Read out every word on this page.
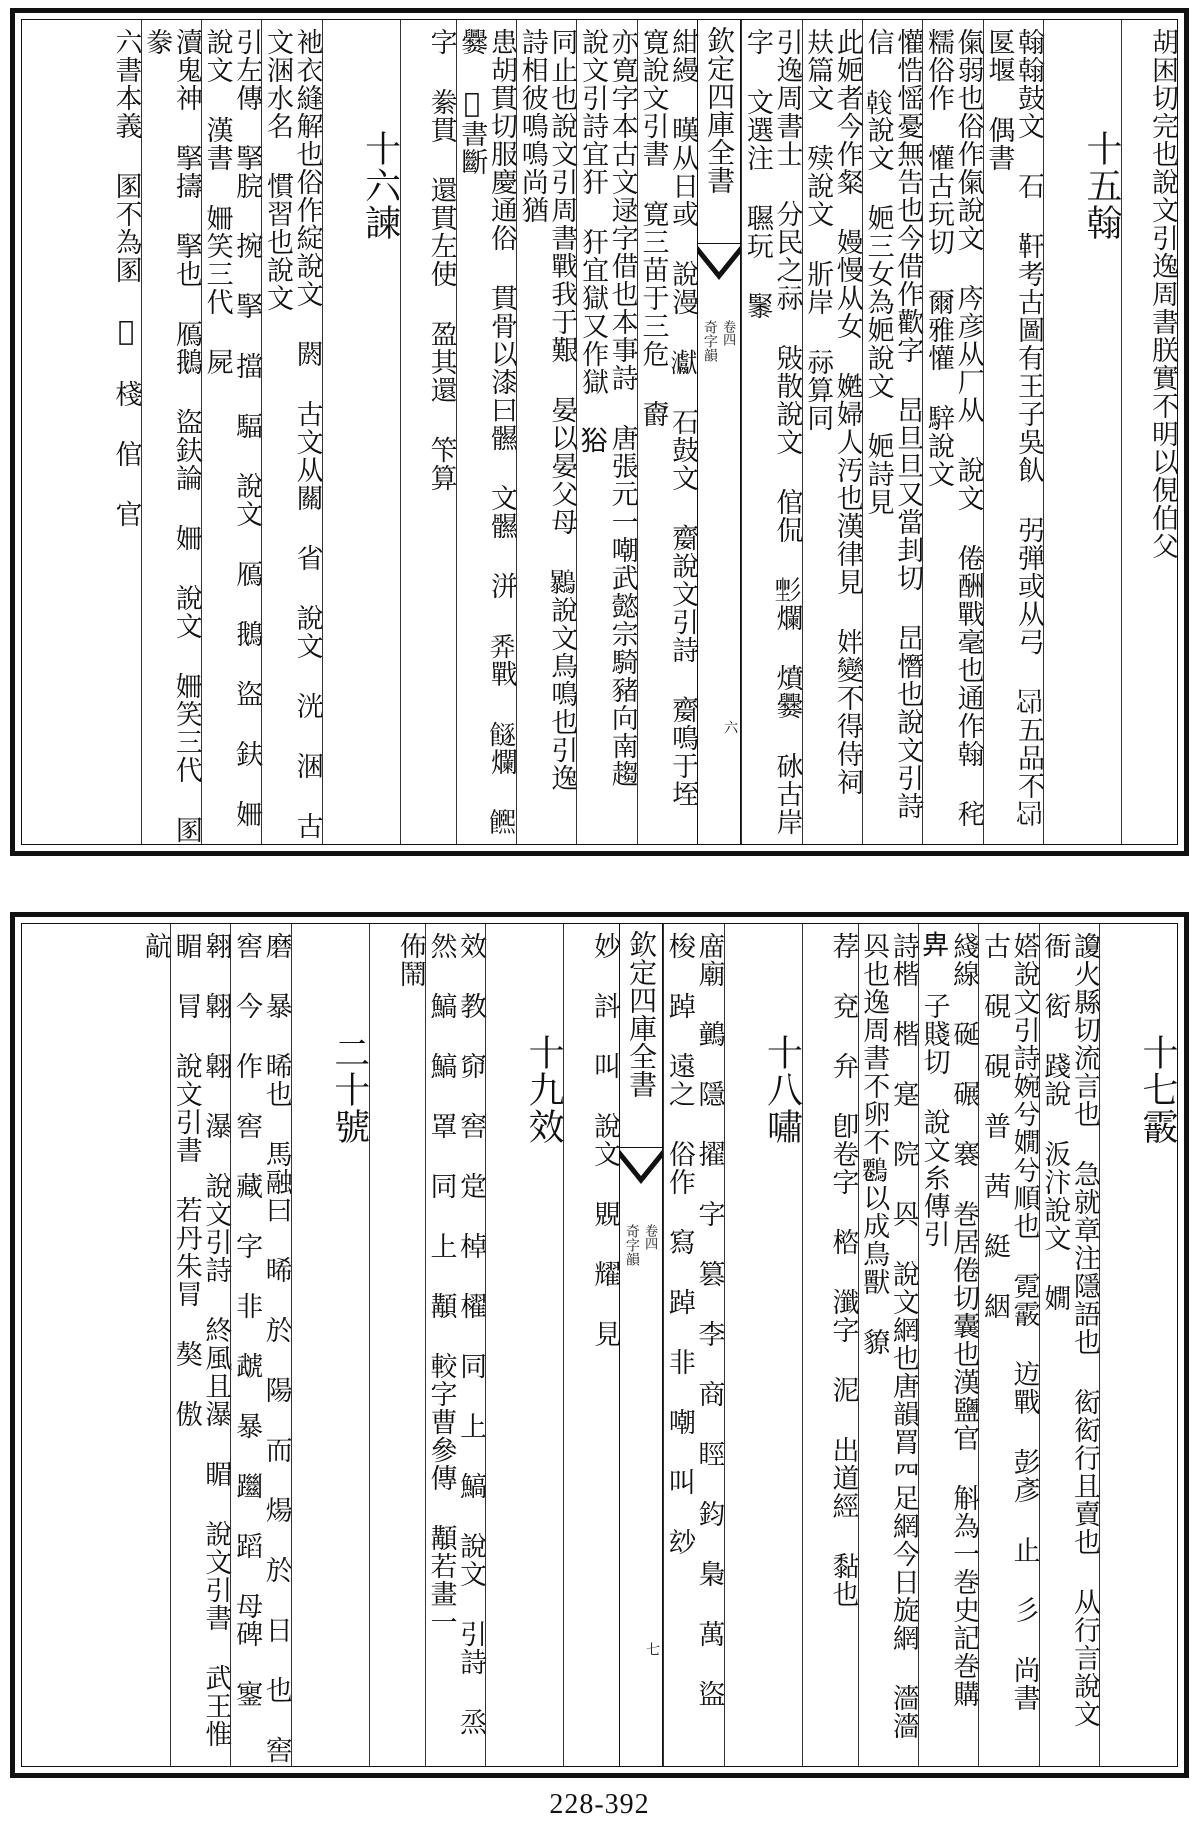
胡困切完也說文引逸周書朕實不明以俔伯父
十五翰
翰翰鼓文 石 靬考古圖有王子吳飤 弜弾或从弓 𢘖五品不𢘖 匽堰 偶書
㑶弱也俗作㑶說文 庈彦从厂从 說文 倦酬戰毫也通作翰 秺糯俗作 懽古玩切 爾雅懽 騂說文
懽悎愮憂無告也今借作歡字 旵旦旦又當刲切 旵憯也說文引詩信 𢧢說文 㛂三女為㛂說文 㛂詩見
此㛂者今作粲 嫚慢从女 嬎婦人汚也漢律見 姅變不得侍祠 㚘篇文 㱩說文 斨岸 祘算同
引逸周書士 分民之祘 㪒散說文 倌侃 𢒡爛 燌爨 砅古岸字 文選注 䏉玩 䵖
欽定四庫全書
奇字韻 卷四
六
紺縵 暵从日或 說漫 𤅊 石鼓文 䶒說文引詩 䶒鳴于垤 寛說文引書 寛三苗于三危 𣝣
亦寛字本古文逯字借也本事詩 唐張元一嘲武懿宗騎豬向南趨 說文引詩宜犴 犴宜獄又作獄 𤞞
同止也說文引周書戰我于艱 晏以晏父母 𪇰說文鳥鳴也引逸 詩相彼鳴鳴尚猶
患胡貫切服慶通俗 貫骨以漆曰䯥 文䯥 洴 𢍏戰 𩞈爛 𩟄爨 𥥮書斷
字 絭貫 還貫左使 盈其還 笇算
十六諫
衪衣縫解也俗作綻說文 閼 古文从關 省 說文 洸 涃 古文涃水名 慣習也說文
引左傳 掔脘 捥 掔 擋 䮠 說文 鴈 鵝 盜 鈇 姍 說文 漢書 姍笑三代 屍
瀆鬼神 掔擣 掔也 鴈鵝 盜鈇論 姍 說文 姍笑三代 圂 豢
六書本義 圂不為圂 𠆳 棧 倌 官
十七霰
讂火縣切流言也 急就章注隱語也 衒衒行且賣也 从行言說文 衙 衒 踐說 汳汴說文 嫺
㜓說文引詩婉兮嫺兮順也 霓霰 䢍戰 彭彥 止 彡 尚書 古 硯 硯 普 茜 綎 絪
綫線 硟 碾 褰 巻居倦切囊也漢鹽官 斛為一巻史記巻購 𢍁 子賤切 說文糸傳引
詩楷 楷 寔 院 㒷 說文網也唐韻罥𦉪足網今日旋網 濇濇 㒷也逸周書不卵不𪄷以成鳥獸 䝤
荐 兗 弁 卽卷字 㮞 瀸字 泥 出道經 黏也
十八嘯
庿廟 䴀 隱 擢 字 篡 李 商 䀴 鈞 梟 萬 盜 梭 踔 遠之 俗作 寫 踔 非 嘲 叫 玅
欽定四庫全書
奇字韻 卷四
七
妙 䚵 叫 說文 覞 耀 見
十九效
效 教 窌 窖 䟫 棹 櫂 同 上 鰝 說文 引詩 烝 然 鰝 鰝 罩 同 上 顜 較字曹參傳 顜若畫一
佈鬧
二十號
磨 暴 晞也 馬融曰 晞 於 陽 而 煬 於 日 也 窖 窖 今 作 窖 藏 字 非 虣 暴 躖 蹈 母碑 䥌
翱 翺 翺 瀑 說文引詩 終風且瀑 睸 說文引書 武王惟睸 冐 說文引書 若丹朱冐 獒 傲
髚
228-392
